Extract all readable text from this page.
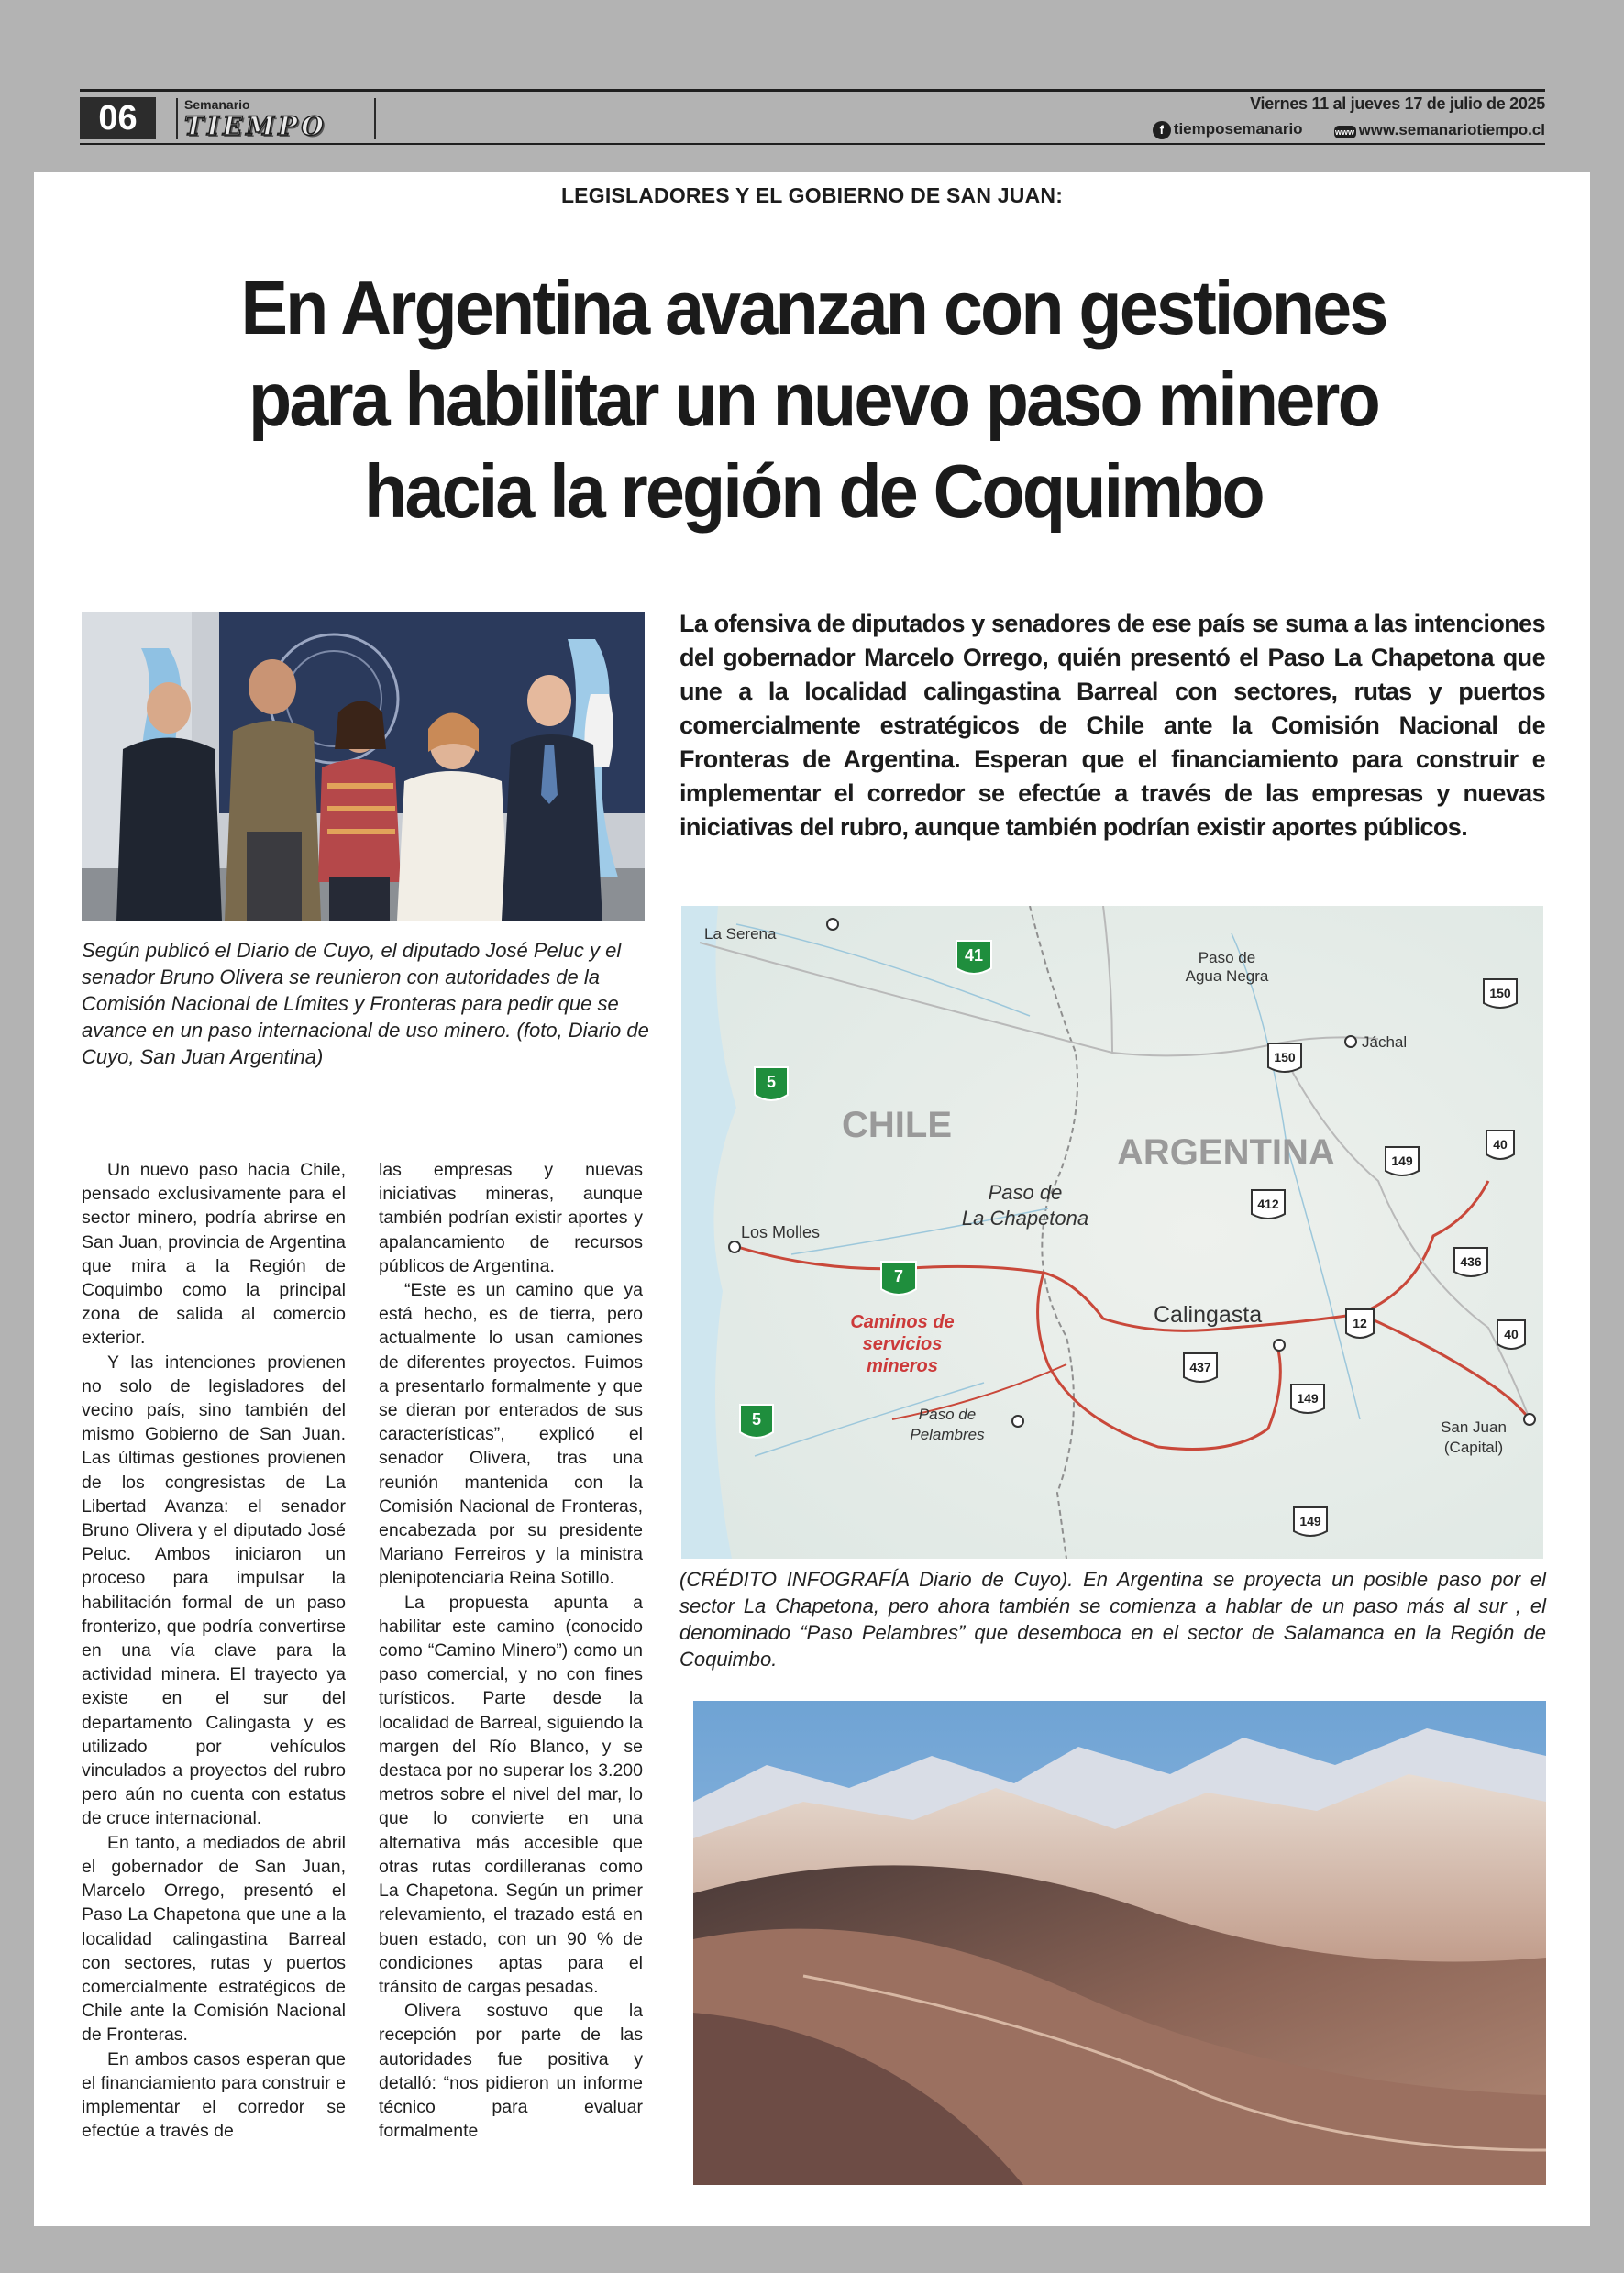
06	Semanario
TIEMPO
Viernes 11 al jueves 17 de julio de 2025
f tiemposemanario	www www.semanariotiempo.cl
LEGISLADORES Y EL GOBIERNO DE SAN JUAN:
En Argentina avanzan con gestiones
para habilitar un nuevo paso minero
hacia la región de Coquimbo

Según publicó el Diario de Cuyo, el diputado José Peluc y el senador Bruno Olivera se reunieron con autoridades de la Comisión Nacional de Límites y Fronteras para pedir que se avance en un paso internacional de uso minero. (foto, Diario de Cuyo, San Juan Argentina)

La ofensiva de diputados y senadores de ese país se suma a las intenciones del gobernador Marcelo Orrego, quién presentó el Paso La Chapetona que une a la localidad calingastina Barreal con sectores, rutas y puertos comercialmente estratégicos de Chile ante la Comisión Nacional de Fronteras de Argentina. Esperan que el financiamiento para construir e implementar el corredor se efectúe a través de las empresas y nuevas iniciativas del rubro, aunque también podrían existir aportes públicos.

La Serena
Paso de
Agua Negra
Jáchal
CHILE
ARGENTINA
Los Molles
Paso de
La Chapetona
Calingasta
Caminos de
servicios
mineros
Paso de
Pelambres	San Juan
(Capital)
41
5
7
5
150
150
149
40
412
436
12
40
437
149
149

(CRÉDITO INFOGRAFÍA Diario de Cuyo). En Argentina se proyecta un posible paso por el sector La Chapetona, pero ahora también se comienza a hablar de un paso más al sur , el denominado “Paso Pelambres” que desemboca en el sector de Salamanca en la Región de Coquimbo.

Un nuevo paso hacia Chile, pensado exclusivamente para el sector minero, podría abrirse en San Juan, provincia de Argentina que mira a la Región de Coquimbo como la principal zona de salida al comercio exterior.

Y las intenciones provienen no solo de legisladores del vecino país, sino también del mismo Gobierno de San Juan. Las últimas gestiones provienen de los congresistas de La Libertad Avanza: el senador Bruno Olivera y el diputado José Peluc. Ambos iniciaron un proceso para impulsar la habilitación formal de un paso fronterizo, que podría convertirse en una vía clave para la actividad minera. El trayecto ya existe en el sur del departamento Calingasta y es utilizado por vehículos vinculados a proyectos del rubro pero aún no cuenta con estatus de cruce internacional.

En tanto, a mediados de abril el gobernador de San Juan, Marcelo Orrego, presentó el Paso La Chapetona que une a la localidad calingastina Barreal con sectores, rutas y puertos comercialmente estratégicos de Chile ante la Comisión Nacional de Fronteras.

En ambos casos esperan que el financiamiento para construir e implementar el corredor se efectúe a través de

las empresas y nuevas iniciativas mineras, aunque también podrían existir aportes y apalancamiento de recursos públicos de Argentina.

“Este es un camino que ya está hecho, es de tierra, pero actualmente lo usan camiones de diferentes proyectos. Fuimos a presentarlo formalmente y que se dieran por enterados de sus características”, explicó el senador Olivera, tras una reunión mantenida con la Comisión Nacional de Fronteras, encabezada por su presidente Mariano Ferreiros y la ministra plenipotenciaria Reina Sotillo.

La propuesta apunta a habilitar este camino (conocido como “Camino Minero”) como un paso comercial, y no con fines turísticos. Parte desde la localidad de Barreal, siguiendo la margen del Río Blanco, y se destaca por no superar los 3.200 metros sobre el nivel del mar, lo que lo convierte en una alternativa más accesible que otras rutas cordilleranas como La Chapetona. Según un primer relevamiento, el trazado está en buen estado, con un 90 % de condiciones aptas para el tránsito de cargas pesadas.

Olivera sostuvo que la recepción por parte de las autoridades fue positiva y detalló: “nos pidieron un informe técnico para evaluar formalmente
